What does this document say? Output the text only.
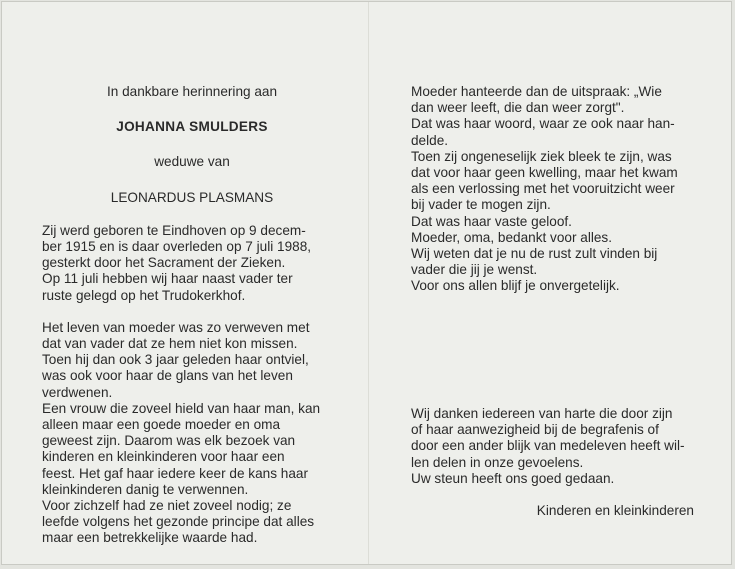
In dankbare herinnering aan
JOHANNA SMULDERS
weduwe van
LEONARDUS PLASMANS

Zij werd geboren te Eindhoven op 9 decem-

ber 1915 en is daar overleden op 7 juli 1988,

gesterkt door het Sacrament der Zieken.

Op 11 juli hebben wij haar naast vader ter

ruste gelegd op het Trudokerkhof.

Het leven van moeder was zo verweven met

dat van vader dat ze hem niet kon missen.

Toen hij dan ook 3 jaar geleden haar ontviel,

was ook voor haar de glans van het leven

verdwenen.

Een vrouw die zoveel hield van haar man, kan

alleen maar een goede moeder en oma

geweest zijn. Daarom was elk bezoek van

kinderen en kleinkinderen voor haar een

feest. Het gaf haar iedere keer de kans haar

kleinkinderen danig te verwennen.

Voor zichzelf had ze niet zoveel nodig; ze

leefde volgens het gezonde principe dat alles

maar een betrekkelijke waarde had.

Moeder hanteerde dan de uitspraak: „Wie

dan weer leeft, die dan weer zorgt".

Dat was haar woord, waar ze ook naar han-

delde.

Toen zij ongeneselijk ziek bleek te zijn, was

dat voor haar geen kwelling, maar het kwam

als een verlossing met het vooruitzicht weer

bij vader te mogen zijn.

Dat was haar vaste geloof.

Moeder, oma, bedankt voor alles.

Wij weten dat je nu de rust zult vinden bij

vader die jij je wenst.

Voor ons allen blijf je onvergetelijk.

Wij danken iedereen van harte die door zijn

of haar aanwezigheid bij de begrafenis of

door een ander blijk van medeleven heeft wil-

len delen in onze gevoelens.

Uw steun heeft ons goed gedaan.

Kinderen en kleinkinderen
